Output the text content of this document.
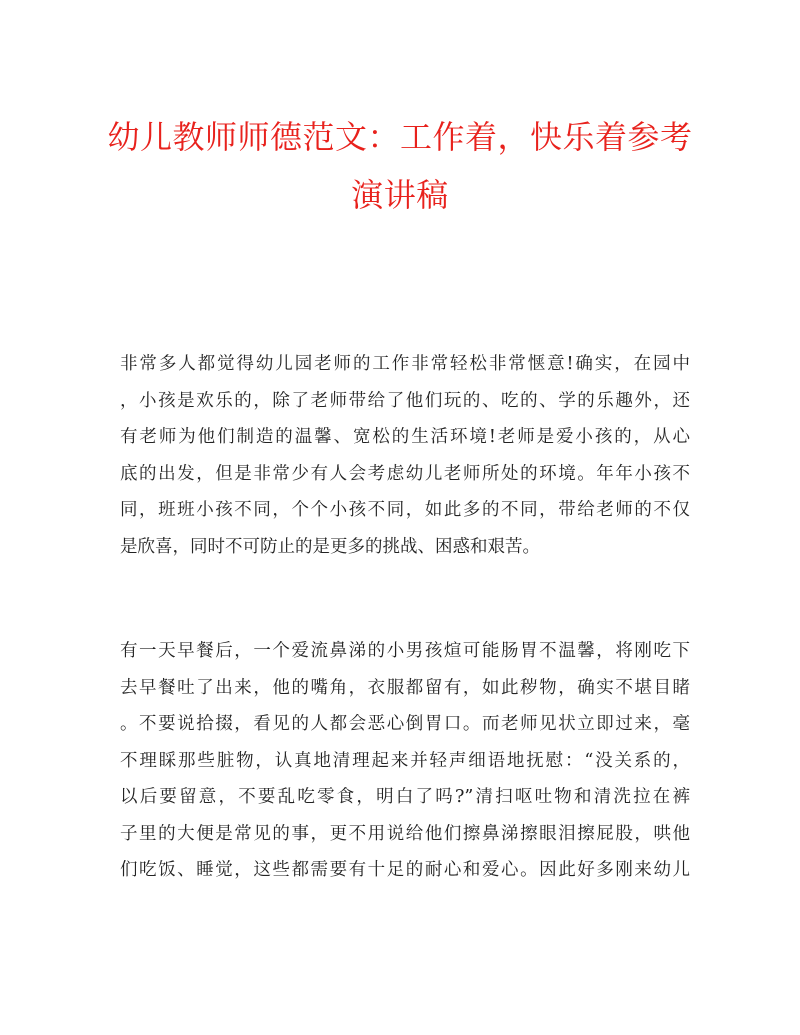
幼儿教师师德范文：工作着，快乐着参考
演讲稿
非常多人都觉得幼儿园老师的工作非常轻松非常惬意!确实，在园中
，小孩是欢乐的，除了老师带给了他们玩的、吃的、学的乐趣外，还
有老师为他们制造的温馨、宽松的生活环境!老师是爱小孩的，从心
底的出发，但是非常少有人会考虑幼儿老师所处的环境。年年小孩不
同，班班小孩不同，个个小孩不同，如此多的不同，带给老师的不仅
是欣喜，同时不可防止的是更多的挑战、困惑和艰苦。
有一天早餐后，一个爱流鼻涕的小男孩煊可能肠胃不温馨，将刚吃下
去早餐吐了出来，他的嘴角，衣服都留有，如此秽物，确实不堪目睹
。不要说拾掇，看见的人都会恶心倒胃口。而老师见状立即过来，毫
不理睬那些脏物，认真地清理起来并轻声细语地抚慰：“没关系的，
以后要留意，不要乱吃零食，明白了吗?”清扫呕吐物和清洗拉在裤
子里的大便是常见的事，更不用说给他们擦鼻涕擦眼泪擦屁股，哄他
们吃饭、睡觉，这些都需要有十足的耐心和爱心。因此好多刚来幼儿
